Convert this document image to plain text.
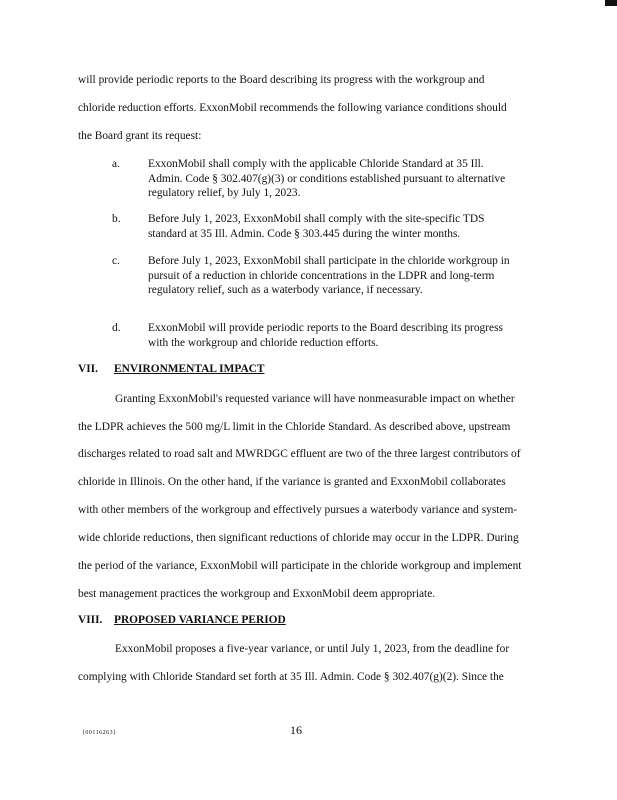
will provide periodic reports to the Board describing its progress with the workgroup and
chloride reduction efforts. ExxonMobil recommends the following variance conditions should
the Board grant its request:
a. ExxonMobil shall comply with the applicable Chloride Standard at 35 Ill. Admin. Code § 302.407(g)(3) or conditions established pursuant to alternative regulatory relief, by July 1, 2023.
b. Before July 1, 2023, ExxonMobil shall comply with the site-specific TDS standard at 35 Ill. Admin. Code § 303.445 during the winter months.
c. Before July 1, 2023, ExxonMobil shall participate in the chloride workgroup in pursuit of a reduction in chloride concentrations in the LDPR and long-term regulatory relief, such as a waterbody variance, if necessary.
d. ExxonMobil will provide periodic reports to the Board describing its progress with the workgroup and chloride reduction efforts.
VII. ENVIRONMENTAL IMPACT
Granting ExxonMobil's requested variance will have nonmeasurable impact on whether
the LDPR achieves the 500 mg/L limit in the Chloride Standard. As described above, upstream
discharges related to road salt and MWRDGC effluent are two of the three largest contributors of
chloride in Illinois. On the other hand, if the variance is granted and ExxonMobil collaborates
with other members of the workgroup and effectively pursues a waterbody variance and system-
wide chloride reductions, then significant reductions of chloride may occur in the LDPR. During
the period of the variance, ExxonMobil will participate in the chloride workgroup and implement
best management practices the workgroup and ExxonMobil deem appropriate.
VIII. PROPOSED VARIANCE PERIOD
ExxonMobil proposes a five-year variance, or until July 1, 2023, from the deadline for
complying with Chloride Standard set forth at 35 Ill. Admin. Code § 302.407(g)(2). Since the
{00116263}	16
